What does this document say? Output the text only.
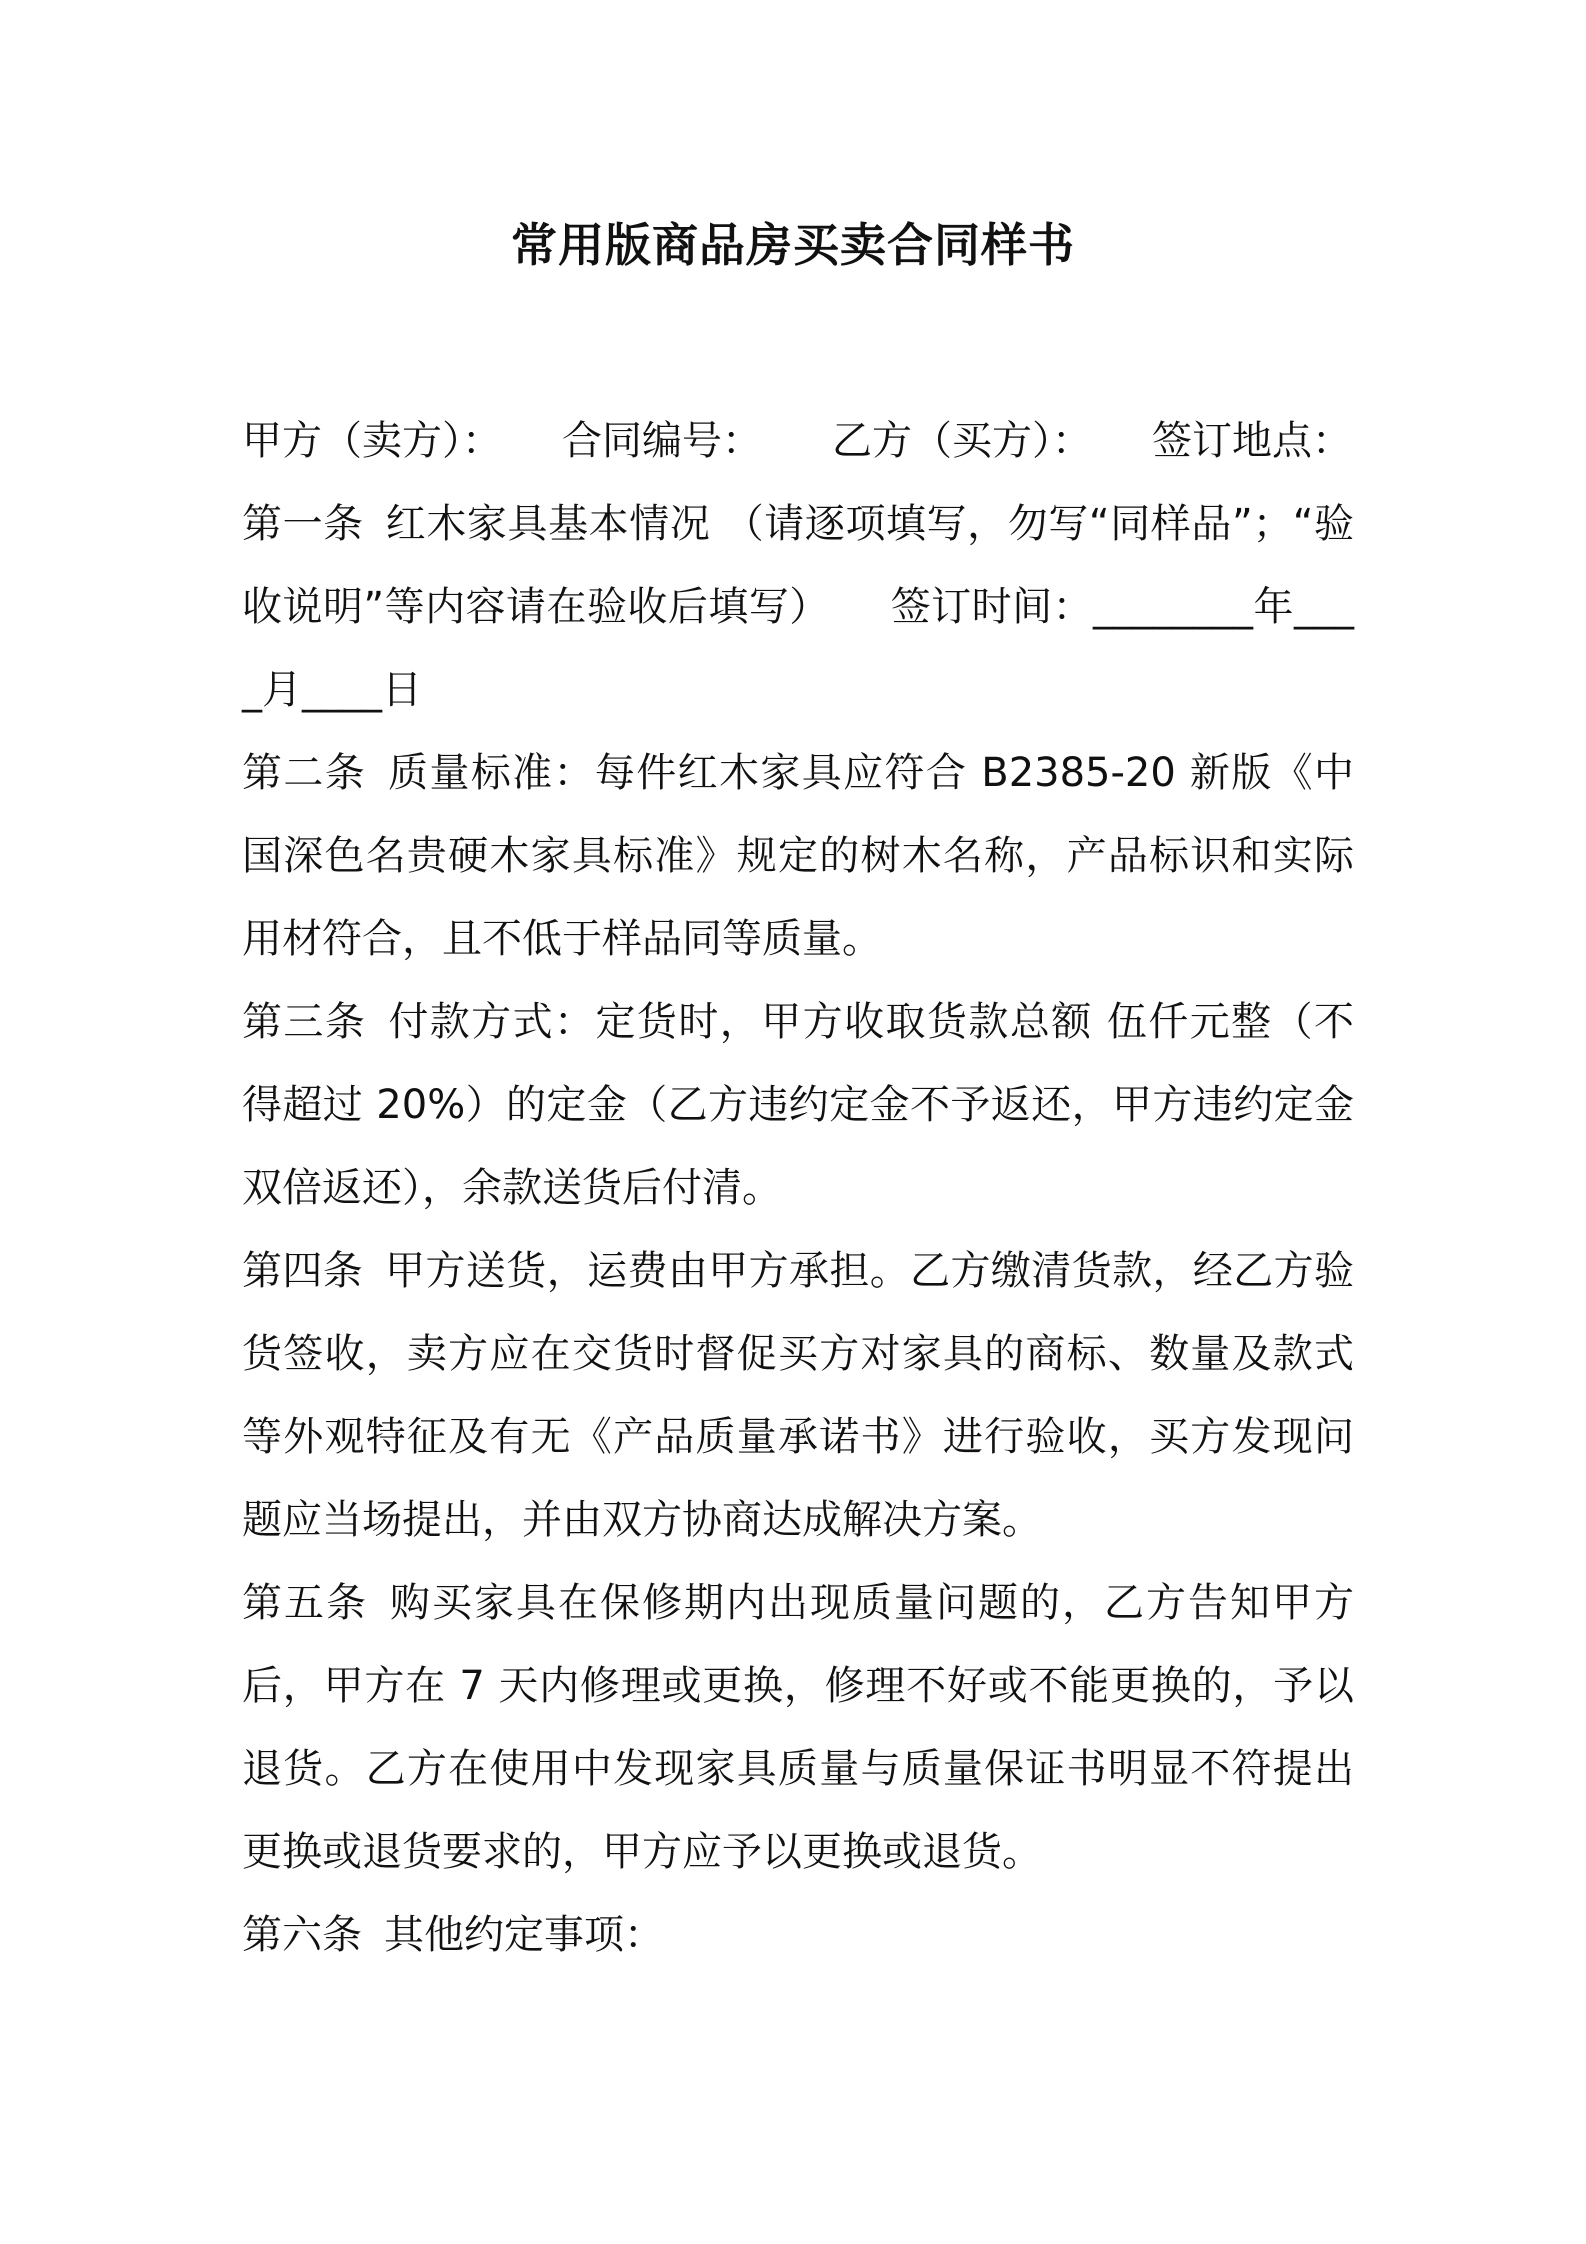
常用版商品房买卖合同样书
甲方（卖方）：	合同编号：	乙方（买方）：	签订地点：

第一条 红木家具基本情况 （请逐项填写，勿写“同样品”；“验收说明”等内容请在验收后填写）　　签订时间：________年____月____日

第二条 质量标准：每件红木家具应符合 B2385-20 新版《中国深色名贵硬木家具标准》规定的树木名称，产品标识和实际用材符合，且不低于样品同等质量。

第三条 付款方式：定货时，甲方收取货款总额 伍仟元整（不得超过 20%）的定金（乙方违约定金不予返还，甲方违约定金双倍返还），余款送货后付清。

第四条 甲方送货，运费由甲方承担。乙方缴清货款，经乙方验货签收，卖方应在交货时督促买方对家具的商标、数量及款式等外观特征及有无《产品质量承诺书》进行验收，买方发现问题应当场提出，并由双方协商达成解决方案。

第五条 购买家具在保修期内出现质量问题的，乙方告知甲方后，甲方在 7 天内修理或更换，修理不好或不能更换的，予以退货。乙方在使用中发现家具质量与质量保证书明显不符提出更换或退货要求的，甲方应予以更换或退货。

第六条 其他约定事项：
